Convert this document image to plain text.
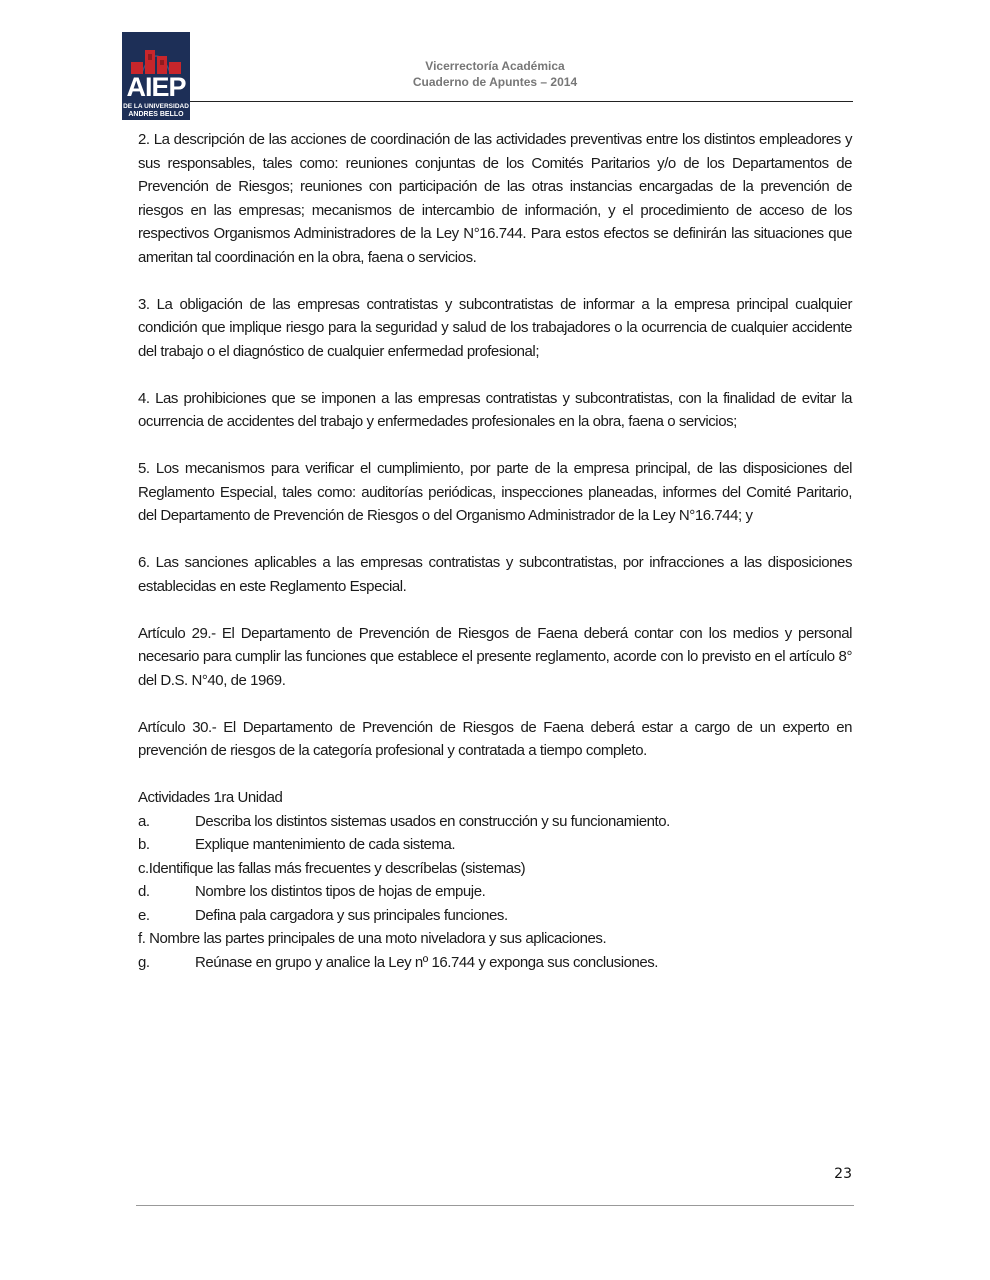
AIEP
DE LA UNIVERSIDAD
ANDRES BELLO
Vicerrectoría Académica
Cuaderno de Apuntes – 2014

2. La descripción de las acciones de coordinación de las actividades preventivas entre los distintos empleadores y sus responsables, tales como: reuniones conjuntas de los Comités Paritarios y/o de los Departamentos de Prevención de Riesgos; reuniones con participación de las otras instancias encargadas de la prevención de riesgos en las empresas; mecanismos de intercambio de información, y el procedimiento de acceso de los respectivos Organismos Administradores de la Ley N°16.744. Para estos efectos se definirán las situaciones que ameritan tal coordinación en la obra, faena o servicios.

3. La obligación de las empresas contratistas y subcontratistas de informar a la empresa principal cualquier condición que implique riesgo para la seguridad y salud de los trabajadores o la ocurrencia de cualquier accidente del trabajo o el diagnóstico de cualquier enfermedad profesional;

4. Las prohibiciones que se imponen a las empresas contratistas y subcontratistas, con la finalidad de evitar la ocurrencia de accidentes del trabajo y enfermedades profesionales en la obra, faena o servicios;

5. Los mecanismos para verificar el cumplimiento, por parte de la empresa principal, de las disposiciones del Reglamento Especial, tales como: auditorías periódicas, inspecciones planeadas, informes del Comité Paritario, del Departamento de Prevención de Riesgos o del Organismo Administrador de la Ley N°16.744; y

6. Las sanciones aplicables a las empresas contratistas y subcontratistas, por infracciones a las disposiciones establecidas en este Reglamento Especial.

Artículo 29.- El Departamento de Prevención de Riesgos de Faena deberá contar con los medios y personal necesario para cumplir las funciones que establece el presente reglamento, acorde con lo previsto en el artículo 8° del D.S. N°40, de 1969.

Artículo 30.- El Departamento de Prevención de Riesgos de Faena deberá estar a cargo de un experto en prevención de riesgos de la categoría profesional y contratada a tiempo completo.

Actividades 1ra Unidad
a.	Describa los distintos sistemas usados en construcción y su funcionamiento.
b.	Explique mantenimiento de cada sistema.
c.Identifique las fallas más frecuentes y descríbelas (sistemas)
d.	Nombre los distintos tipos de hojas de empuje.
e.	Defina pala cargadora y sus principales funciones.
f. Nombre las partes principales de una moto niveladora y sus aplicaciones.
g.	Reúnase en grupo y analice la Ley nº 16.744 y exponga sus conclusiones.
23
